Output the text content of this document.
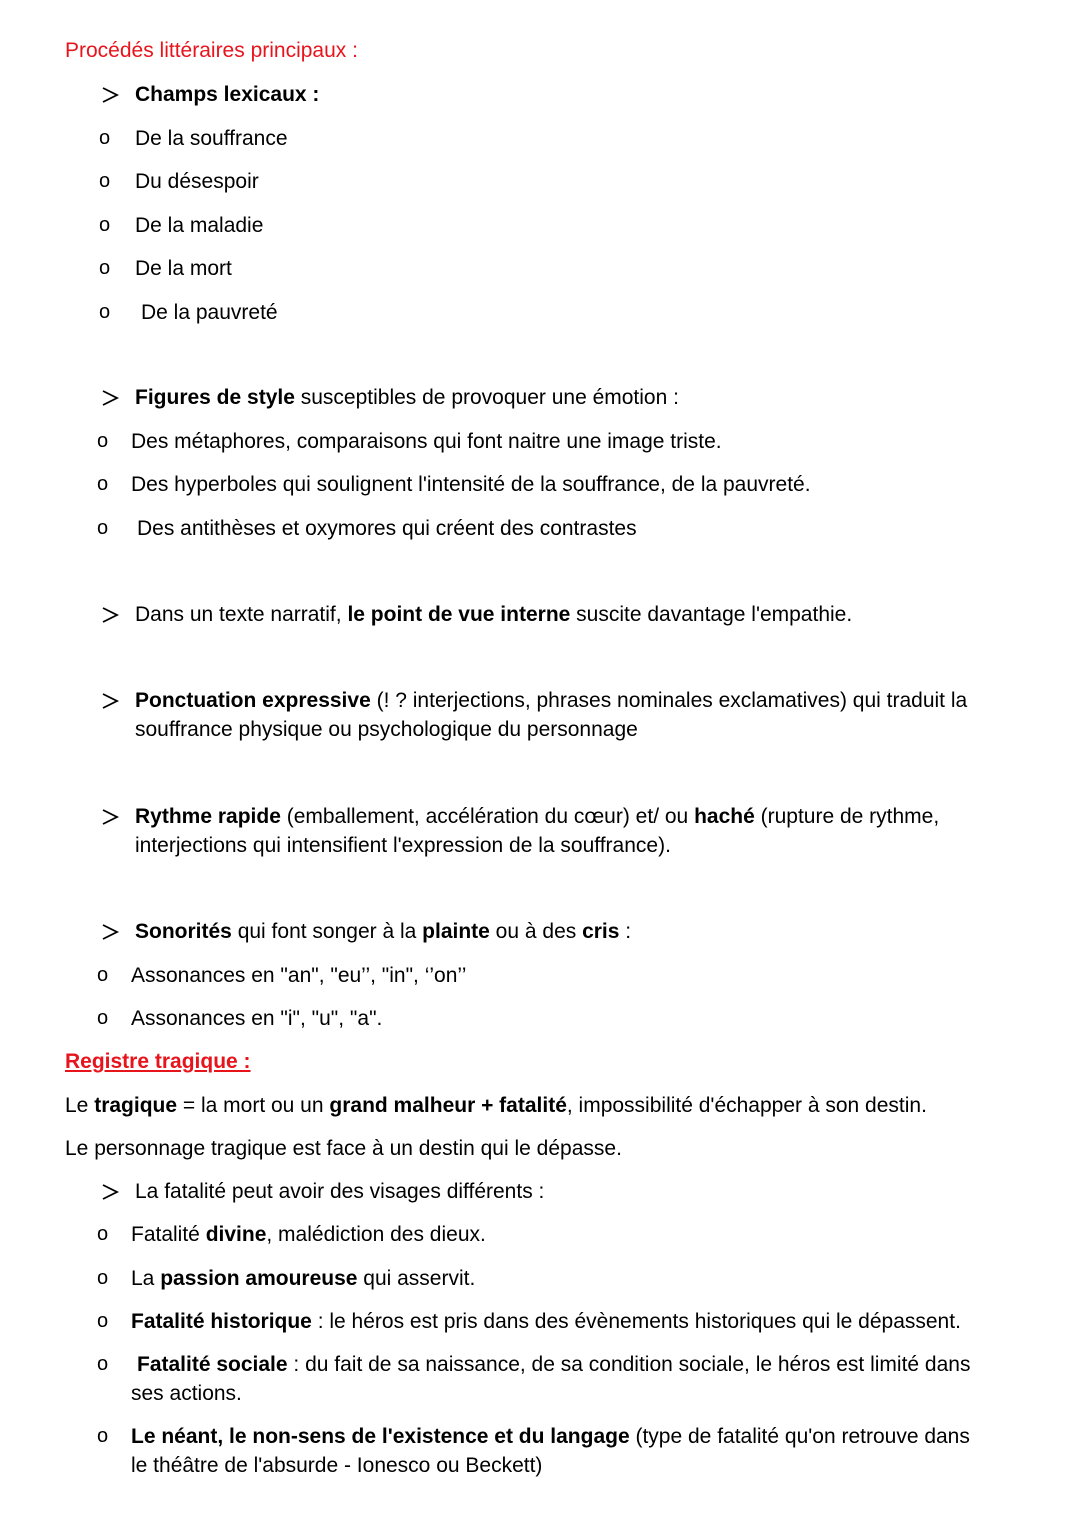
Procédés littéraires principaux :
Champs lexicaux :
o De la souffrance
o Du désespoir
o De la maladie
o De la mort
o De la pauvreté
Figures de style susceptibles de provoquer une émotion :
o Des métaphores, comparaisons qui font naitre une image triste.
o Des hyperboles qui soulignent l'intensité de la souffrance, de la pauvreté.
o Des antithèses et oxymores qui créent des contrastes
Dans un texte narratif, le point de vue interne suscite davantage l'empathie.
Ponctuation expressive (! ? interjections, phrases nominales exclamatives) qui traduit la
souffrance physique ou psychologique du personnage
Rythme rapide (emballement, accélération du cœur) et/ ou haché (rupture de rythme,
interjections qui intensifient l'expression de la souffrance).
Sonorités qui font songer à la plainte ou à des cris :
o Assonances en "an", "eu’’, "in", ‘’on’’
o Assonances en "i", "u", "a".
Registre tragique :
Le tragique = la mort ou un grand malheur + fatalité, impossibilité d'échapper à son destin.
Le personnage tragique est face à un destin qui le dépasse.
La fatalité peut avoir des visages différents :
o Fatalité divine, malédiction des dieux.
o La passion amoureuse qui asservit.
o Fatalité historique : le héros est pris dans des évènements historiques qui le dépassent.
o Fatalité sociale : du fait de sa naissance, de sa condition sociale, le héros est limité dans
ses actions.
o Le néant, le non-sens de l'existence et du langage (type de fatalité qu'on retrouve dans
le théâtre de l'absurde - Ionesco ou Beckett)
